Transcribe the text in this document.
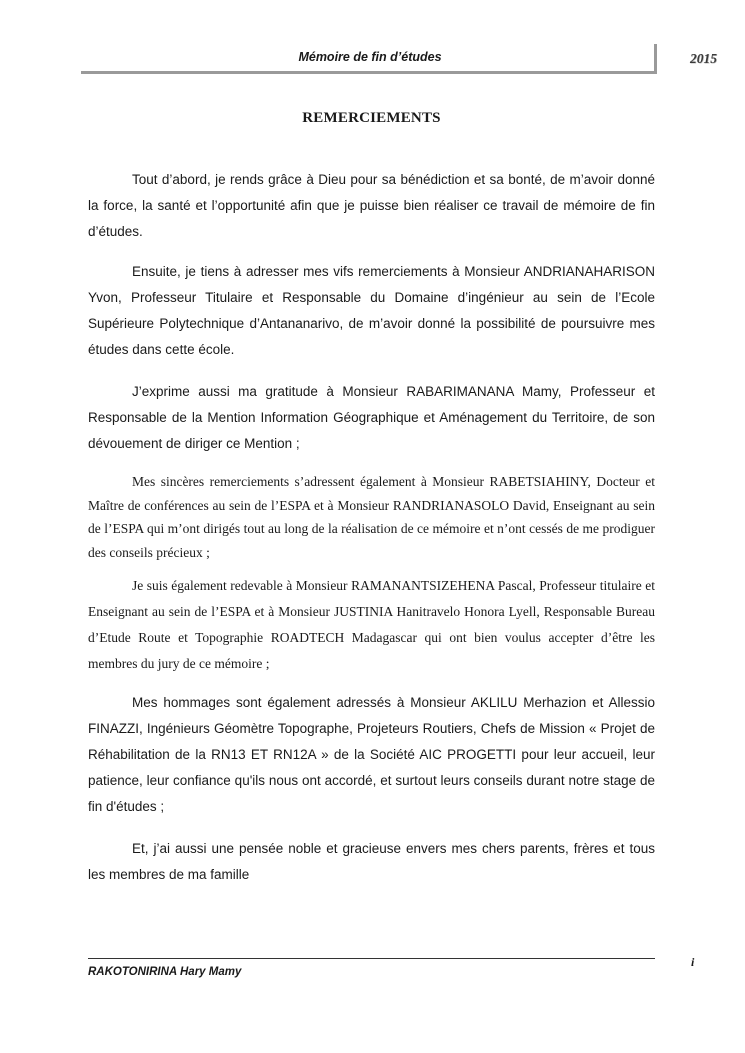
Mémoire de fin d’études	2015
REMERCIEMENTS

Tout d’abord, je rends grâce à Dieu pour sa bénédiction et sa bonté, de m’avoir donné la force, la santé et l’opportunité afin que je puisse bien réaliser ce travail de mémoire de fin d’études.

Ensuite, je tiens à adresser mes vifs remerciements à Monsieur ANDRIANAHARISON Yvon, Professeur Titulaire et Responsable du Domaine d’ingénieur au sein de l’Ecole Supérieure Polytechnique d’Antananarivo, de m’avoir donné la possibilité de poursuivre mes études dans cette école.

J’exprime aussi ma gratitude à Monsieur RABARIMANANA Mamy, Professeur et Responsable de la Mention Information Géographique et Aménagement du Territoire, de son dévouement de diriger ce Mention ;

Mes sincères remerciements s’adressent également à Monsieur RABETSIAHINY, Docteur et Maître de conférences au sein de l’ESPA et à Monsieur RANDRIANASOLO David, Enseignant au sein de l’ESPA qui m’ont dirigés tout au long de la réalisation de ce mémoire et n’ont cessés de me prodiguer des conseils précieux ;

Je suis également redevable à Monsieur RAMANANTSIZEHENA Pascal, Professeur titulaire et Enseignant au sein de l’ESPA et à Monsieur JUSTINIA Hanitravelo Honora Lyell, Responsable Bureau d’Etude Route et Topographie ROADTECH Madagascar qui ont bien voulus accepter d’être les membres du jury de ce mémoire ;

Mes hommages sont également adressés à Monsieur AKLILU Merhazion et Allessio FINAZZI, Ingénieurs Géomètre Topographe, Projeteurs Routiers, Chefs de Mission « Projet de Réhabilitation de la RN13 ET RN12A » de la Société AIC PROGETTI pour leur accueil, leur patience, leur confiance qu'ils nous ont accordé, et surtout leurs conseils durant notre stage de fin d'études ;

Et, j’ai aussi une pensée noble et gracieuse envers mes chers parents, frères et tous les membres de ma famille

RAKOTONIRINA Hary Mamy
i
